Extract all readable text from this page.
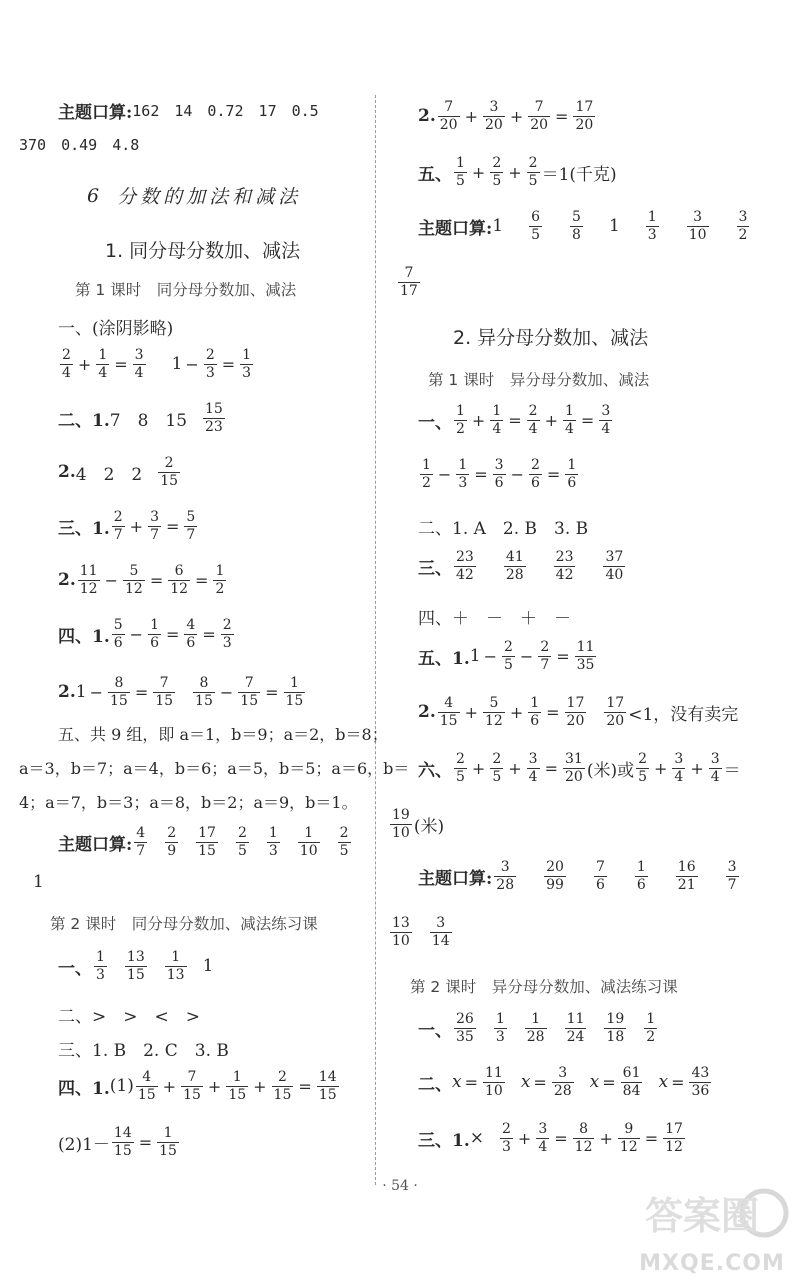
主题口算: 162　14　0.72　17　0.5
370　0.49　4.8
6 分数的加法和减法
1. 同分母分数加、减法
第 1 课时　同分母分数加、减法
一、(涂阴影略)
$\frac{2}{4} + \frac{1}{4} = \frac{3}{4} 1 - \frac{2}{3} = \frac{1}{3}$
二、1. 7　8　$15 \frac{15}{23}$
2. 4　2　$2 \frac{2}{15}$
三、1. $\frac{2}{7} + \frac{3}{7} = \frac{5}{7}$
2. $\frac{11}{12} - \frac{5}{12} = \frac{6}{12} = \frac{1}{2}$
四、1. $\frac{5}{6} - \frac{1}{6} = \frac{4}{6} = \frac{2}{3}$
2. $1 - \frac{8}{15} = \frac{7}{15} \frac{8}{15} - \frac{7}{15} = \frac{1}{15}$
五、共 9 组，即 a＝1，b＝9；a＝2，b＝8；
a＝3，b＝7；a＝4，b＝6；a＝5，b＝5；a＝6，b＝
4；a＝7，b＝3；a＝8，b＝2；a＝9，b＝1。
主题口算: $\frac{4}{7} \frac{2}{9} \frac{17}{15} \frac{2}{5} \frac{1}{3} \frac{1}{10} \frac{2}{5}$
1
第 2 课时　同分母分数加、减法练习课
一、 $\frac{1}{3} \frac{13}{15} \frac{1}{13} 1$
二、>　>　<　>
三、1. B　2. C　3. B
四、1. $(1) \frac{4}{15} + \frac{7}{15} + \frac{1}{15} + \frac{2}{15} = \frac{14}{15}$
$(2)1- \frac{14}{15} = \frac{1}{15}$
2. $\frac{7}{20} + \frac{3}{20} + \frac{7}{20} = \frac{17}{20}$
五、 $\frac{1}{5} + \frac{2}{5} + \frac{2}{5} =1$(千克)
主题口算: $1 \frac{6}{5} \frac{5}{8} 1 \frac{1}{3} \frac{3}{10} \frac{3}{2}$
$\frac{7}{17}$
2. 异分母分数加、减法
第 1 课时　异分母分数加、减法
一、 $\frac{1}{2} + \frac{1}{4} = \frac{2}{4} + \frac{1}{4} = \frac{3}{4}$
$\frac{1}{2} - \frac{1}{3} = \frac{3}{6} - \frac{2}{6} = \frac{1}{6}$
二、1. A　2. B　3. B
三、 $\frac{23}{42} \frac{41}{28} \frac{23}{42} \frac{37}{40}$
四、＋　－　＋　－
五、1. $1 - \frac{2}{5} - \frac{2}{7} = \frac{11}{35}$
2. $\frac{4}{15} + \frac{5}{12} + \frac{1}{6} = \frac{17}{20} \frac{17}{20} <1$，没有卖完
六、 $\frac{2}{5} + \frac{2}{5} + \frac{3}{4} = \frac{31}{20}$ (米)或 $\frac{2}{5} + \frac{3}{4} + \frac{3}{4}$ ＝
$\frac{19}{10}$ (米)
主题口算: $\frac{3}{28} \frac{20}{99} \frac{7}{6} \frac{1}{6} \frac{16}{21} \frac{3}{7}$
$\frac{13}{10} \frac{3}{14}$
第 2 课时　异分母分数加、减法练习课
一、 $\frac{26}{35} \frac{1}{3} \frac{1}{28} \frac{11}{24} \frac{19}{18} \frac{1}{2}$
二、 $x = \frac{11}{10}$ $x = \frac{3}{28}$ $x = \frac{61}{84}$ $x = \frac{43}{36}$
三、1. × $\frac{2}{3} + \frac{3}{4} = \frac{8}{12} + \frac{9}{12} = \frac{17}{12}$
· 54 ·
答案圈
MXQE.COM
